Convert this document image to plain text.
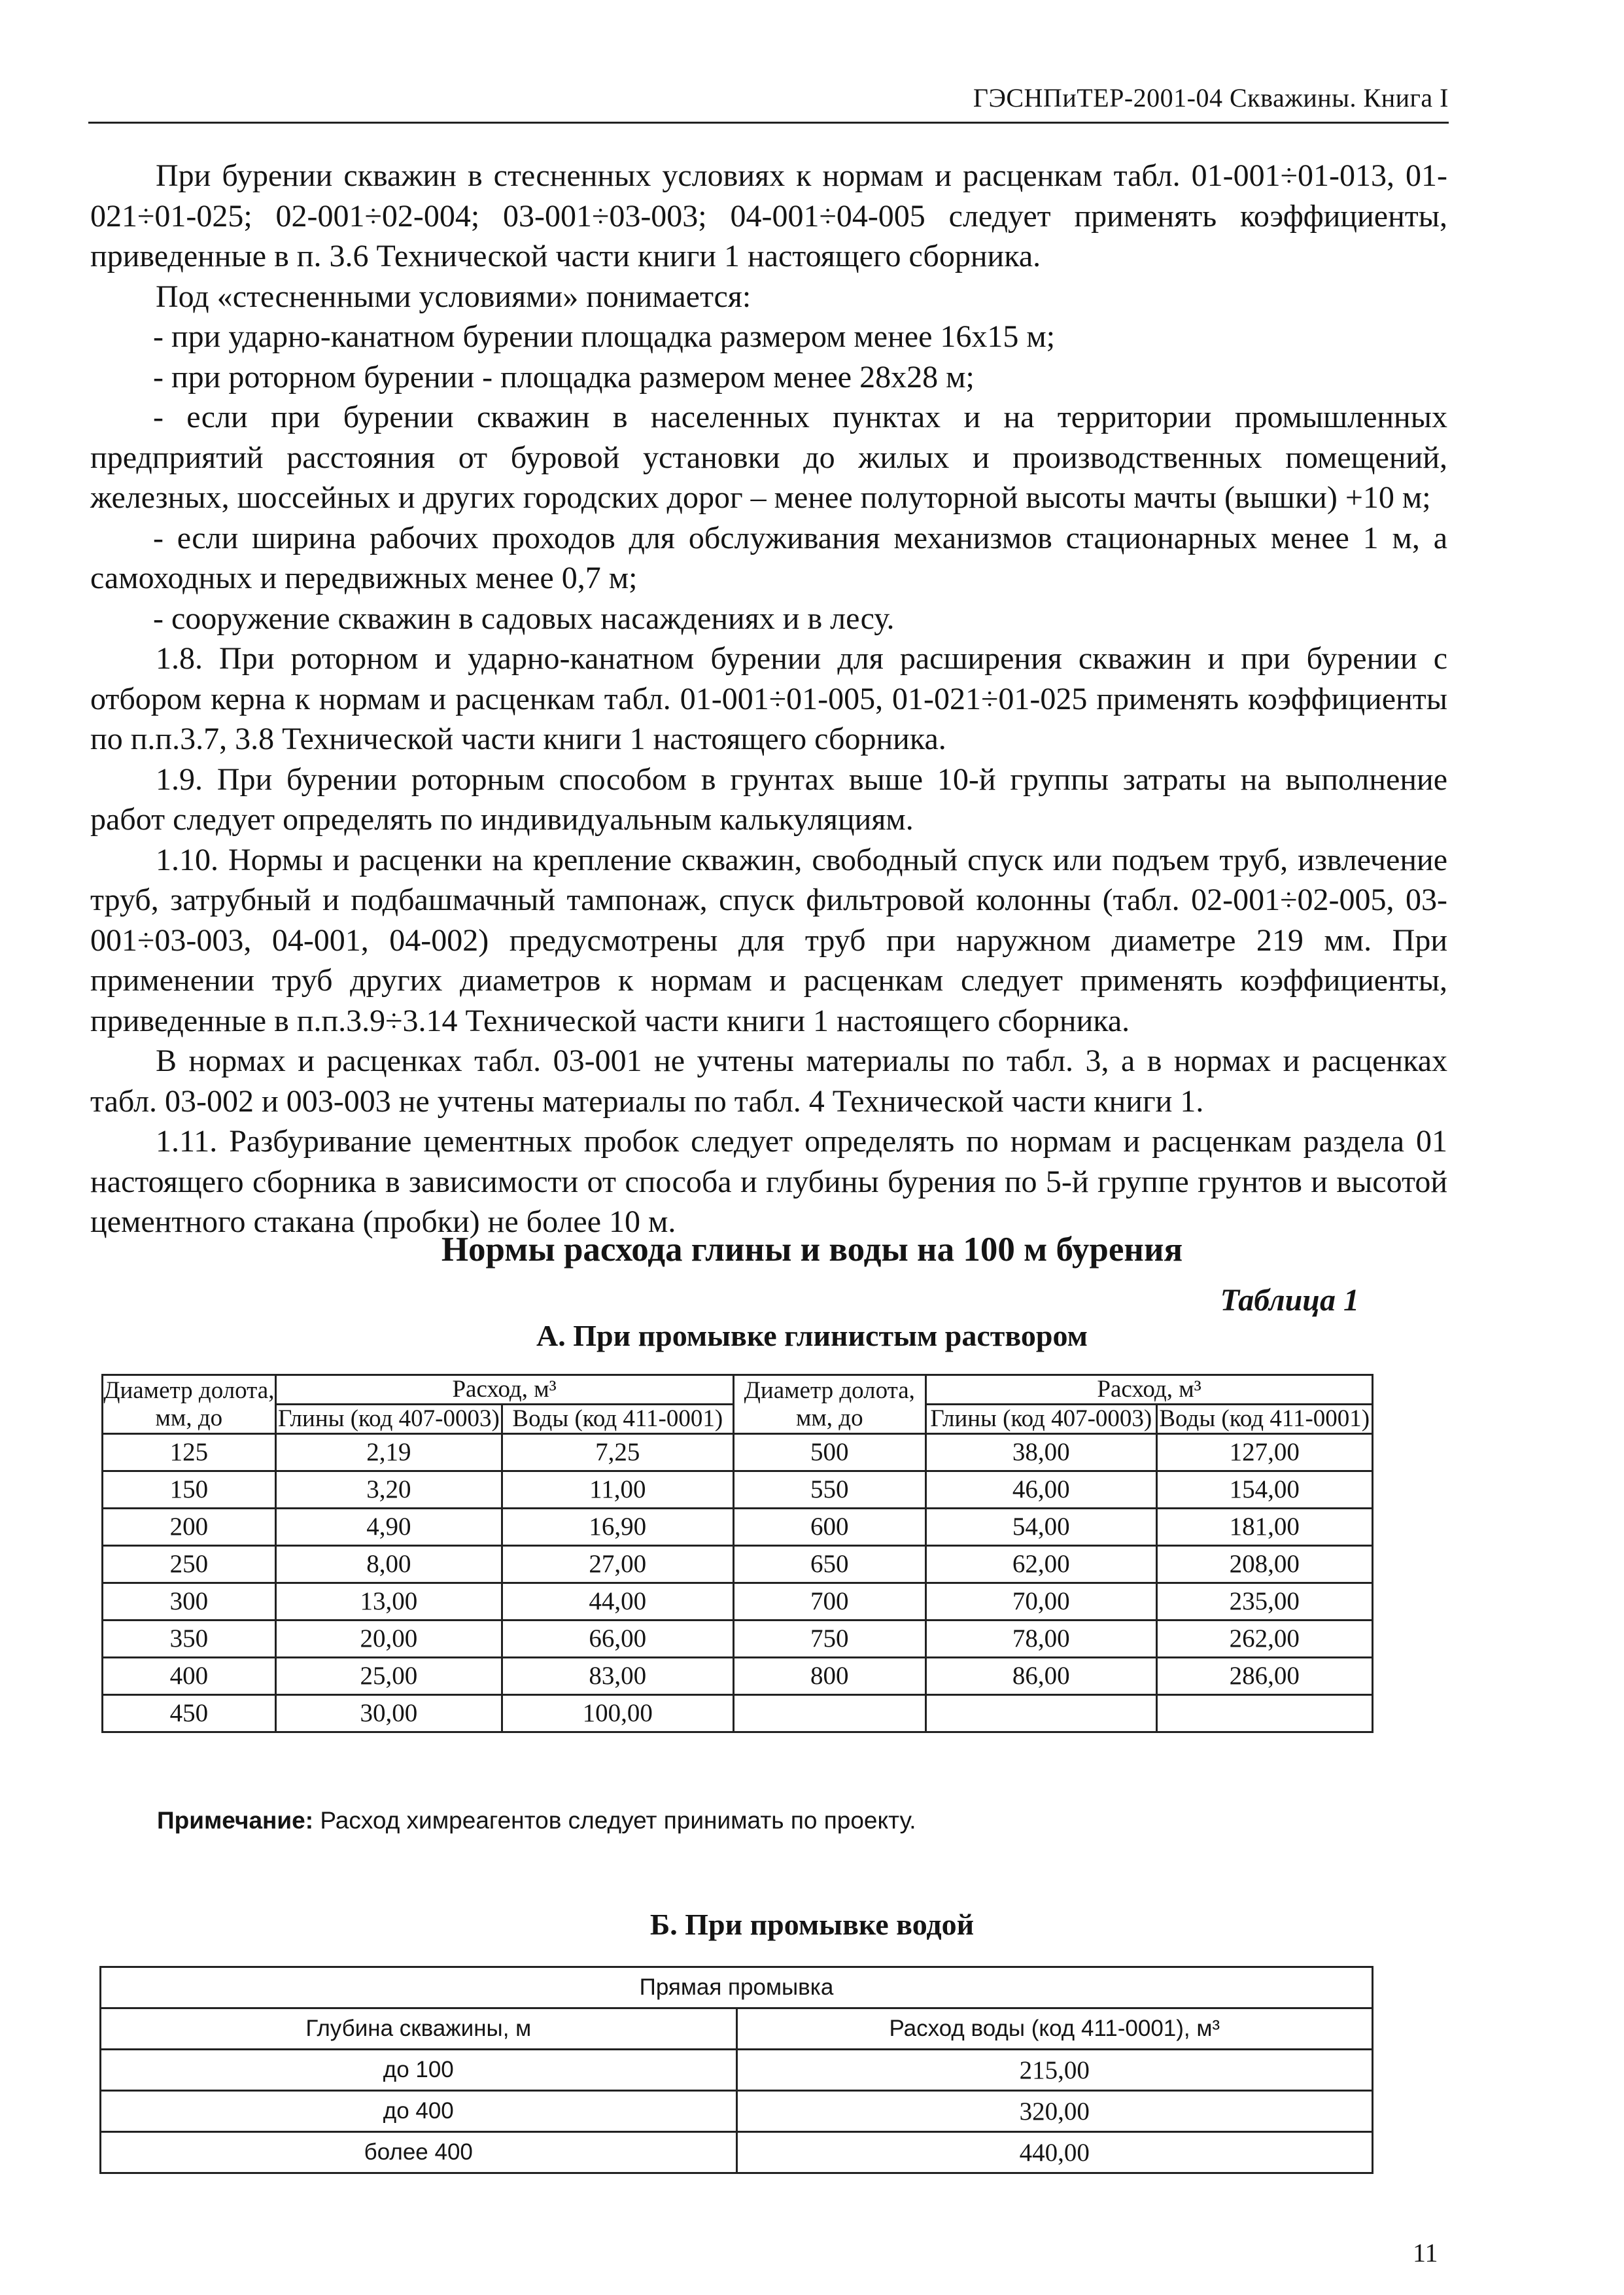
ГЭСНПиТЕР-2001-04 Скважины. Книга I

При бурении скважин в стесненных условиях к нормам и расценкам табл. 01-001÷01-013, 01-021÷01-025; 02-001÷02-004; 03-001÷03-003; 04-001÷04-005 следует применять коэффициенты, приведенные в п. 3.6 Технической части книги 1 настоящего сборника.

Под «стесненными условиями» понимается:

- при ударно-канатном бурении площадка размером менее 16х15 м;

- при роторном бурении - площадка размером менее 28х28 м;

- если при бурении скважин в населенных пунктах и на территории промышленных предприятий расстояния от буровой установки до жилых и производственных помещений, железных, шоссейных и других городских дорог – менее полуторной высоты мачты (вышки) +10 м;

- если ширина рабочих проходов для обслуживания механизмов стационарных менее 1 м, а самоходных и передвижных менее 0,7 м;

- сооружение скважин в садовых насаждениях и в лесу.

1.8. При роторном и ударно-канатном бурении для расширения скважин и при бурении с отбором керна к нормам и расценкам табл. 01-001÷01-005, 01-021÷01-025 применять коэффициенты по п.п.3.7, 3.8 Технической части книги 1 настоящего сборника.

1.9. При бурении роторным способом в грунтах выше 10-й группы затраты на выполнение работ следует определять по индивидуальным калькуляциям.

1.10. Нормы и расценки на крепление скважин, свободный спуск или подъем труб, извлечение труб, затрубный и подбашмачный тампонаж, спуск фильтровой колонны (табл. 02-001÷02-005, 03-001÷03-003, 04-001, 04-002) предусмотрены для труб при наружном диаметре 219 мм. При применении труб других диаметров к нормам и расценкам следует применять коэффициенты, приведенные в п.п.3.9÷3.14 Технической части книги 1 настоящего сборника.

В нормах и расценках табл. 03-001 не учтены материалы по табл. 3, а в нормах и расценках табл. 03-002 и 003-003 не учтены материалы по табл. 4 Технической части книги 1.

1.11. Разбуривание цементных пробок следует определять по нормам и расценкам раздела 01 настоящего сборника в зависимости от способа и глубины бурения по 5-й группе грунтов и высотой цементного стакана (пробки) не более 10 м.

Нормы расхода глины и воды на 100 м бурения
Таблица 1
А. При промывке глинистым раствором
Диаметр долота, мм, до	Расход, м³		Диаметр долота, мм, до	Расход, м³	
	Глины (код 407-0003)	Воды (код 411-0001)		Глины (код 407-0003)	Воды (код 411-0001)
125	2,19	7,25	500	38,00	127,00
150	3,20	11,00	550	46,00	154,00
200	4,90	16,90	600	54,00	181,00
250	8,00	27,00	650	62,00	208,00
300	13,00	44,00	700	70,00	235,00
350	20,00	66,00	750	78,00	262,00
400	25,00	83,00	800	86,00	286,00
450	30,00	100,00			
Примечание: Расход химреагентов следует принимать по проекту.
Б. При промывке водой
Прямая промывка	
Глубина скважины, м	Расход воды (код 411-0001), м³
до 100	215,00
до 400	320,00
более 400	440,00
11
